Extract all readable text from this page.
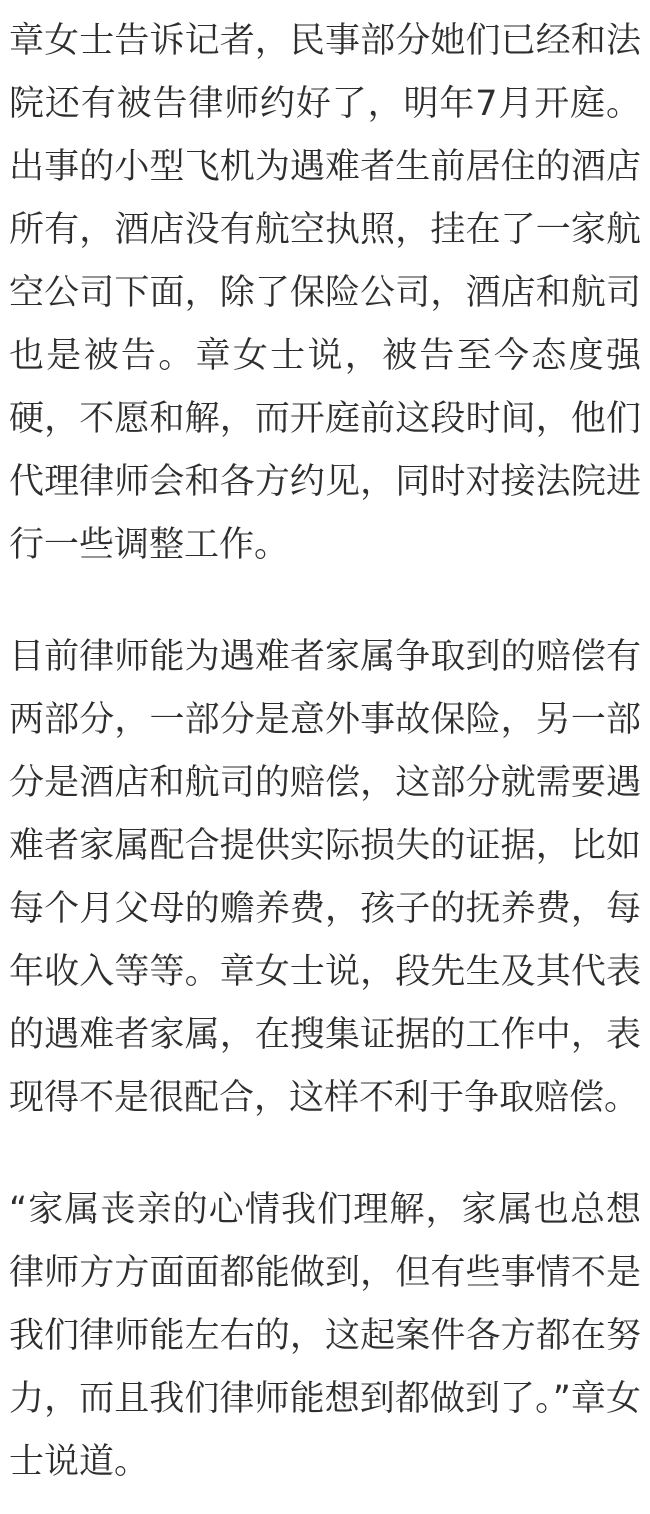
章女士告诉记者，民事部分她们已经和法院还有被告律师约好了，明年7月开庭。出事的小型飞机为遇难者生前居住的酒店所有，酒店没有航空执照，挂在了一家航空公司下面，除了保险公司，酒店和航司也是被告。章女士说，被告至今态度强硬，不愿和解，而开庭前这段时间，他们代理律师会和各方约见，同时对接法院进行一些调整工作。

目前律师能为遇难者家属争取到的赔偿有两部分，一部分是意外事故保险，另一部分是酒店和航司的赔偿，这部分就需要遇难者家属配合提供实际损失的证据，比如每个月父母的赡养费，孩子的抚养费，每年收入等等。章女士说，段先生及其代表的遇难者家属，在搜集证据的工作中，表现得不是很配合，这样不利于争取赔偿。

“家属丧亲的心情我们理解，家属也总想律师方方面面都能做到，但有些事情不是我们律师能左右的，这起案件各方都在努力，而且我们律师能想到都做到了。”章女士说道。
